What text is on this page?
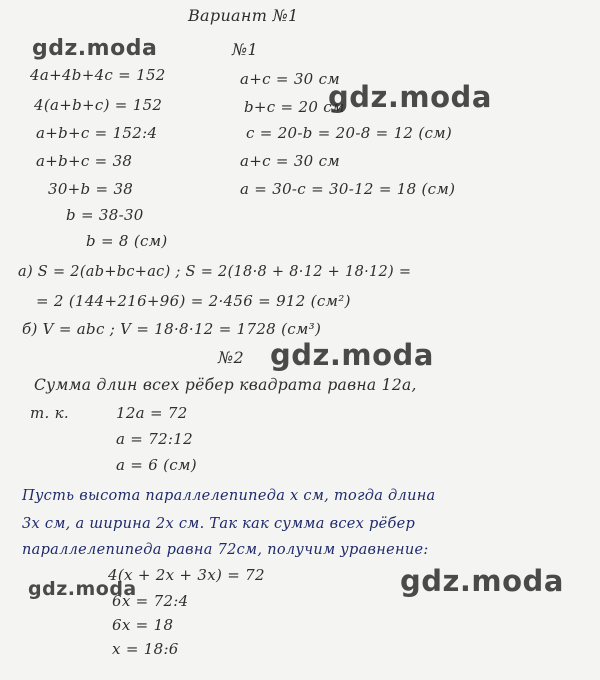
Вариант №1
gdz.moda
gdz.moda
gdz.moda
gdz.moda
gdz.moda
№1
4a+4b+4c = 152
4(a+b+c) = 152
a+b+c = 152:4
a+b+c = 38
30+b = 38
b = 38-30
b = 8 (см)
a+c = 30 см
b+c = 20 см
c = 20-b = 20-8 = 12 (см)
a+c = 30 см
a = 30-c = 30-12 = 18 (см)
а) S = 2(ab+bc+ac) ; S = 2(18·8 + 8·12 + 18·12) =
= 2 (144+216+96) = 2·456 = 912 (см²)
б) V = abc ; V = 18·8·12 = 1728 (см³)
№2
Сумма длин всех рёбер квадрата равна 12a,
т. к.	12a = 72
a = 72:12
a = 6 (см)
Пусть высота параллелепипеда x см, тогда длина
3x см, а ширина 2x см. Так как сумма всех рёбер
параллелепипеда равна 72см, получим уравнение:
4(x + 2x + 3x) = 72
6x = 72:4
6x = 18
x = 18:6
